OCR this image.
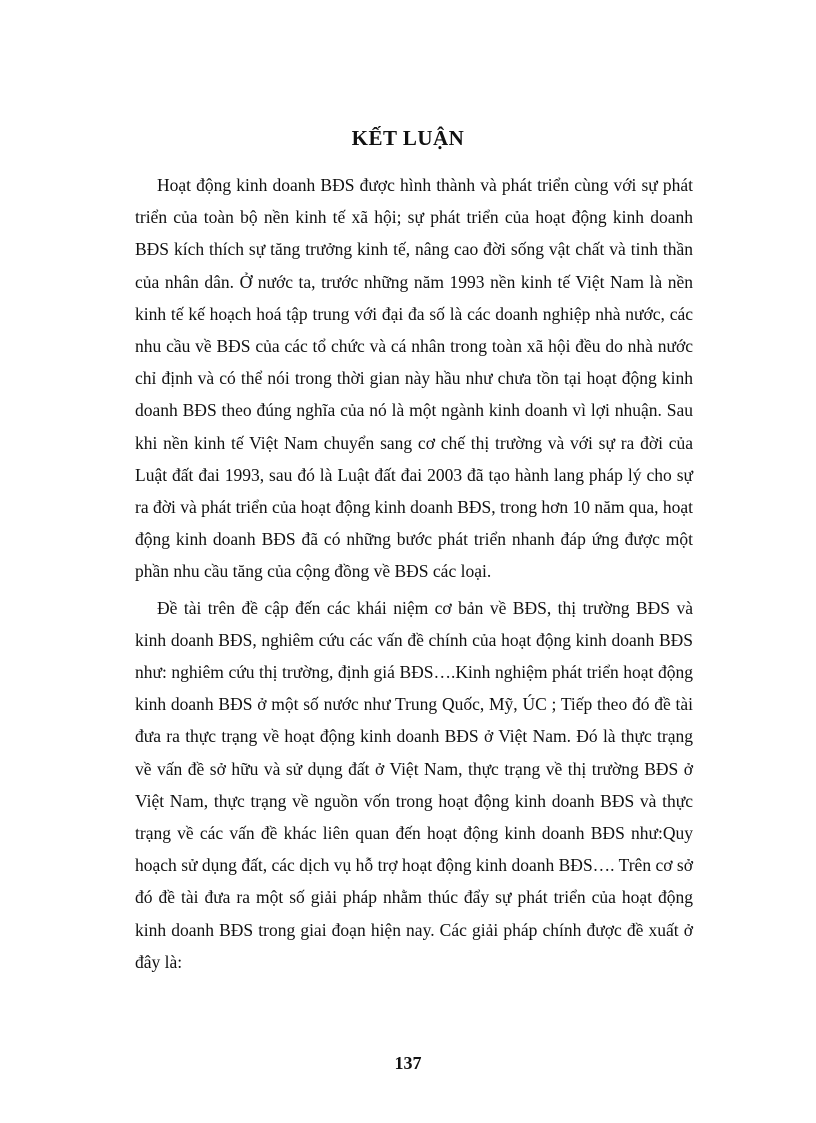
KẾT LUẬN

Hoạt động kinh doanh BĐS được hình thành và phát triển cùng với sự phát triển của toàn bộ nền kinh tế xã hội; sự phát triển của hoạt động kinh doanh BĐS kích thích sự tăng trưởng kinh tế, nâng cao đời sống vật chất và tinh thần của nhân dân. Ở nước ta, trước những năm 1993 nền kinh tế Việt Nam là nền kinh tế kế hoạch hoá tập trung với đại đa số là các doanh nghiệp nhà nước, các nhu cầu về BĐS của các tổ chức và cá nhân trong toàn xã hội đều do nhà nước chỉ định và có thể nói trong thời gian này hầu như chưa tồn tại hoạt động kinh doanh BĐS theo đúng nghĩa của nó là một ngành kinh doanh vì lợi nhuận. Sau khi nền kinh tế Việt Nam chuyển sang cơ chế thị trường và với sự ra đời của Luật đất đai 1993, sau đó là Luật đất đai 2003 đã tạo hành lang pháp lý cho sự ra đời và phát triển của hoạt động kinh doanh BĐS, trong hơn 10 năm qua, hoạt động kinh doanh BĐS đã có những bước phát triển nhanh đáp ứng được một phần nhu cầu tăng của cộng đồng về BĐS các loại.

Đề tài trên đề cập đến các khái niệm cơ bản về BĐS, thị trường BĐS và kinh doanh BĐS, nghiêm cứu các vấn đề chính của hoạt động kinh doanh BĐS như: nghiêm cứu thị trường, định giá BĐS….Kinh nghiệm phát triển hoạt động kinh doanh BĐS ở một số nước như Trung Quốc, Mỹ, ÚC ; Tiếp theo đó đề tài đưa ra thực trạng về hoạt động kinh doanh BĐS ở Việt Nam. Đó là thực trạng về vấn đề sở hữu và sử dụng đất ở Việt Nam, thực trạng về thị trường BĐS ở Việt Nam, thực trạng về nguồn vốn trong hoạt động kinh doanh BĐS và thực trạng về các vấn đề khác liên quan đến hoạt động kinh doanh BĐS như:Quy hoạch sử dụng đất, các dịch vụ hỗ trợ hoạt động kinh doanh BĐS…. Trên cơ sở đó đề tài đưa ra một số giải pháp nhằm thúc đẩy sự phát triển của hoạt động kinh doanh BĐS trong giai đoạn hiện nay. Các giải pháp chính được đề xuất ở đây là:

137
